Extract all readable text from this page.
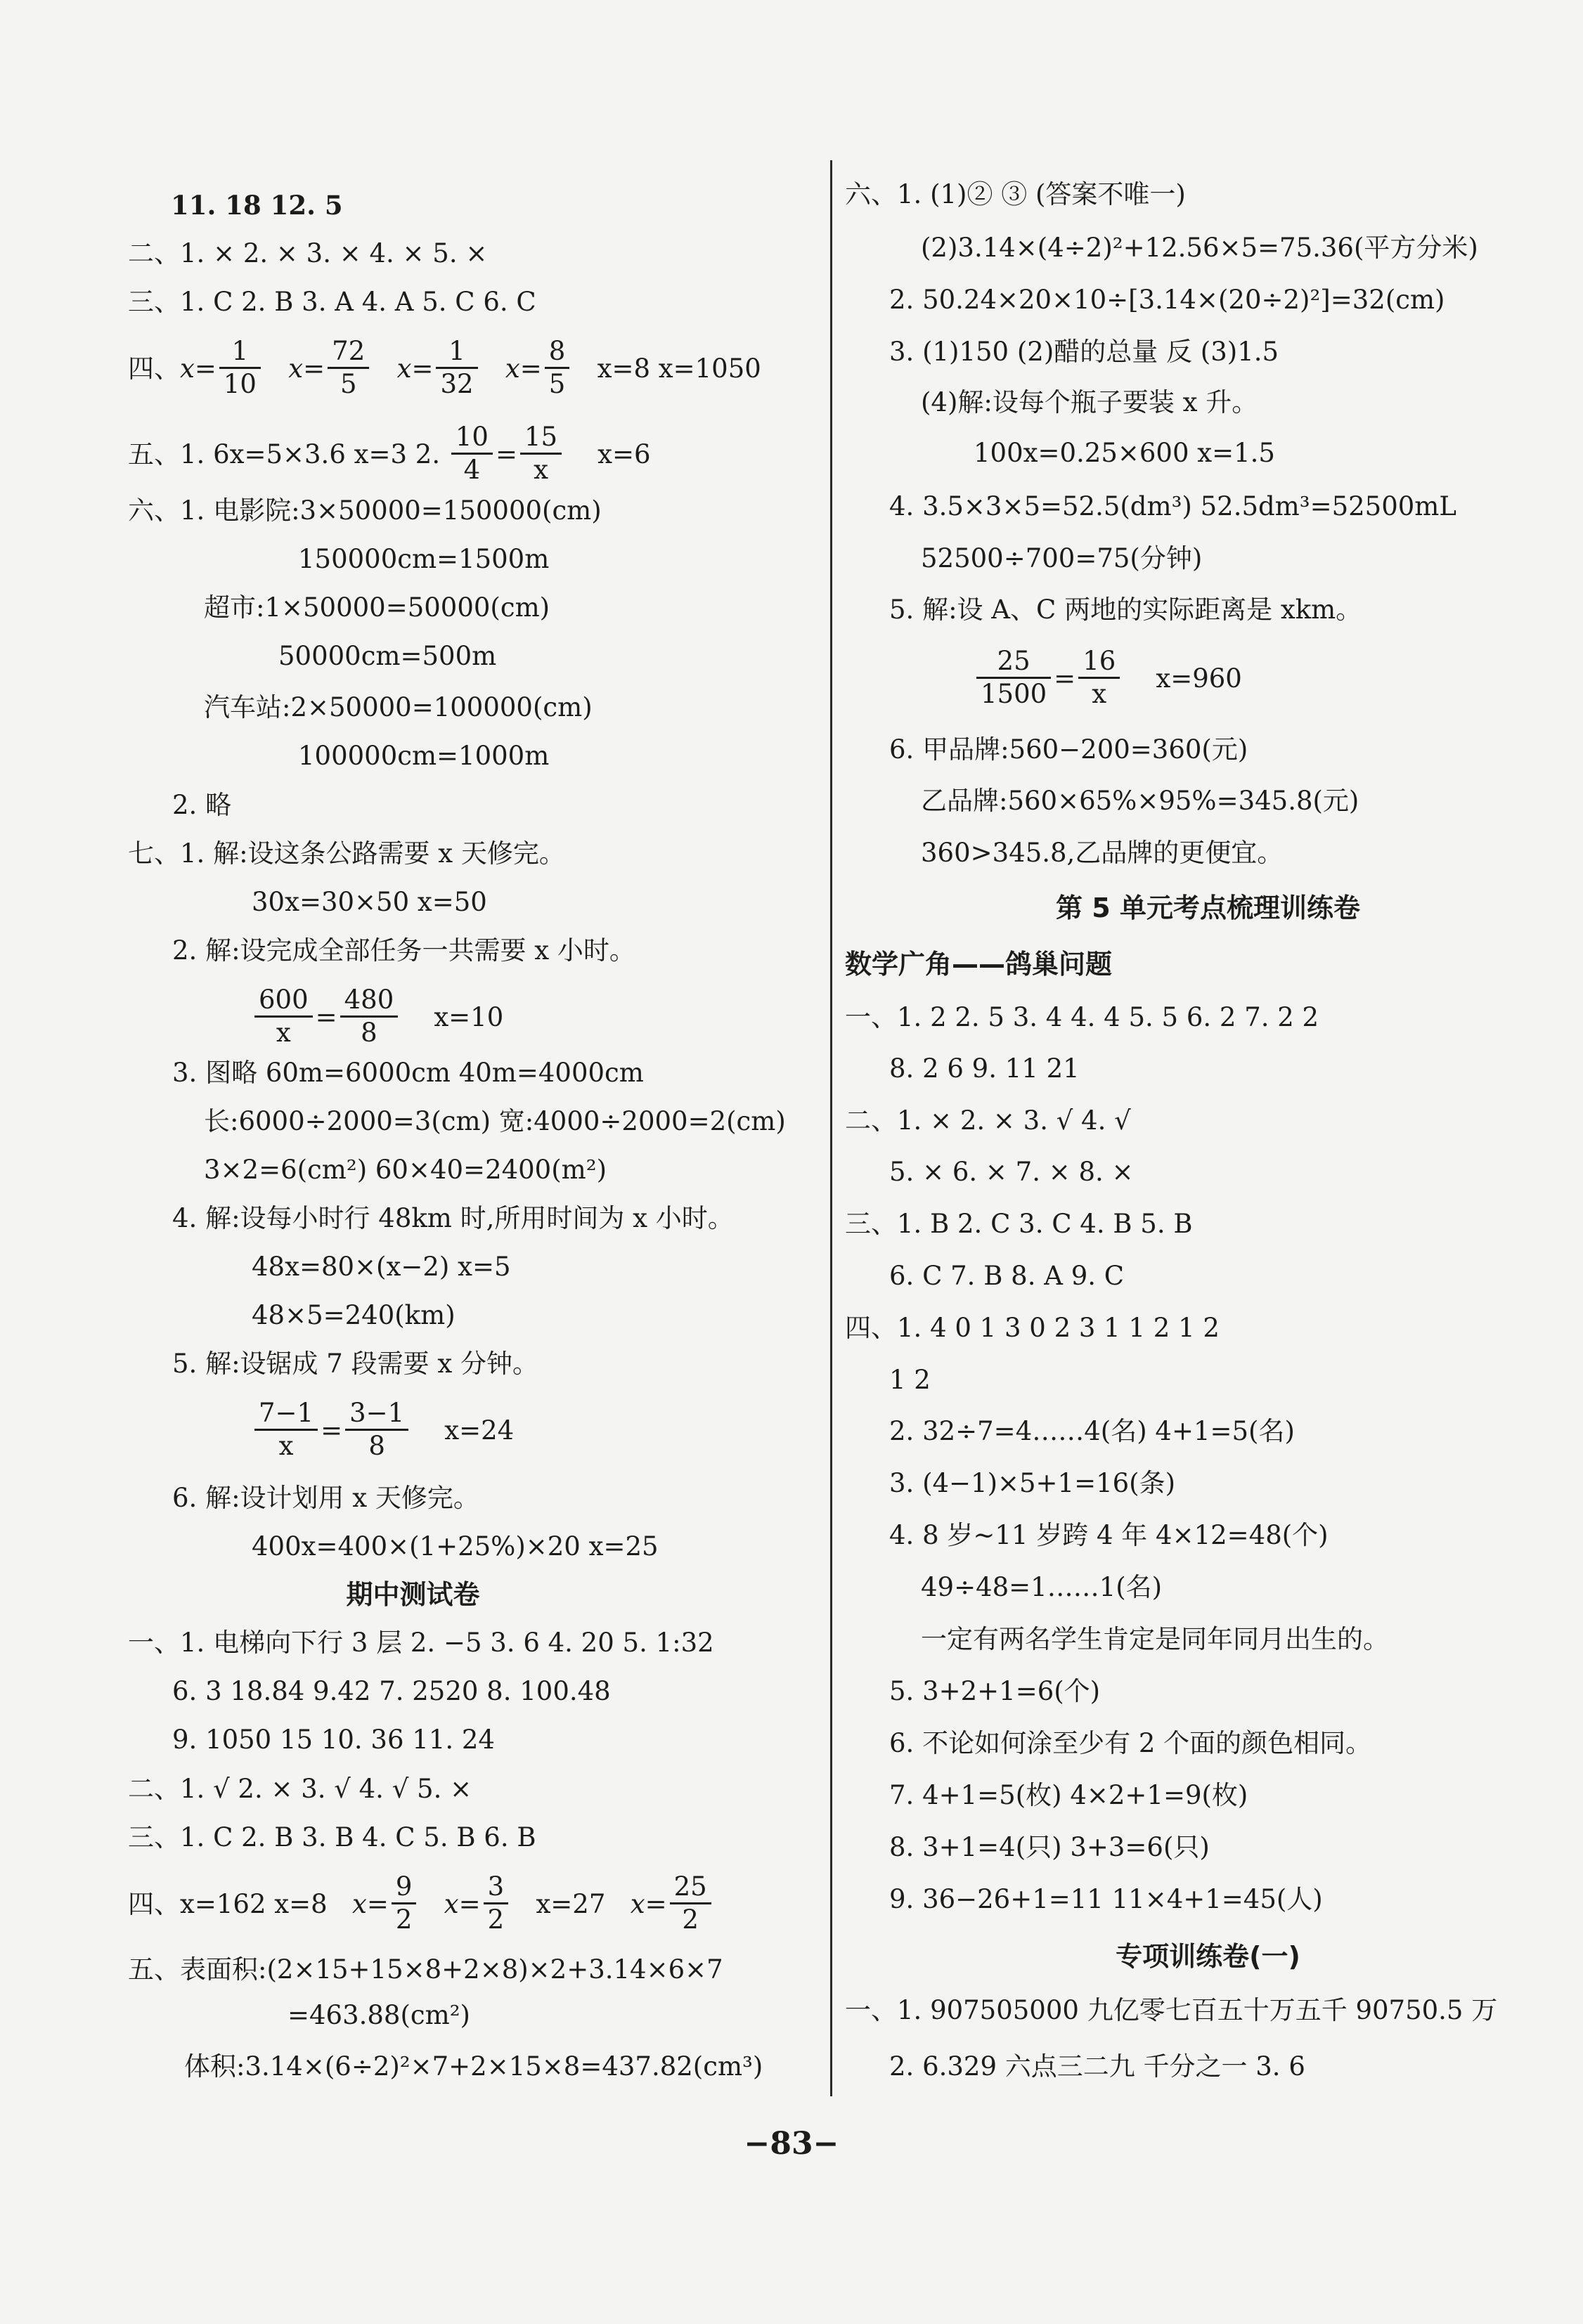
11. 18 12. 5
二、1. × 2. × 3. × 4. × 5. ×
三、1. C 2. B 3. A 4. A 5. C 6. C
四、$x= \frac{1}{10} x= \frac{72}{5} x= \frac{1}{32} x= \frac{8}{5} x=8$ x=1050
五、1. 6x=5×3.6 x=3 2. $\frac{10}{4} = \frac{15}{x} x=6$
六、1. 电影院:3×50000=150000(cm)
150000cm=1500m
超市:1×50000=50000(cm)
50000cm=500m
汽车站:2×50000=100000(cm)
100000cm=1000m
2. 略
七、1. 解:设这条公路需要 x 天修完。
30x=30×50 x=50
2. 解:设完成全部任务一共需要 x 小时。
$\frac{600}{x} = \frac{480}{8} x=10$
3. 图略 60m=6000cm 40m=4000cm
长:6000÷2000=3(cm) 宽:4000÷2000=2(cm)
3×2=6(cm²) 60×40=2400(m²)
4. 解:设每小时行 48km 时,所用时间为 x 小时。
48x=80×(x−2) x=5
48×5=240(km)
5. 解:设锯成 7 段需要 x 分钟。
$\frac{7-1}{x} = \frac{3-1}{8} x=24$
6. 解:设计划用 x 天修完。
400x=400×(1+25%)×20 x=25
期中测试卷
一、1. 电梯向下行 3 层 2. −5 3. 6 4. 20 5. 1:32
6. 3 18.84 9.42 7. 2520 8. 100.48
9. 1050 15 10. 36 11. 24
二、1. √ 2. × 3. √ 4. √ 5. ×
三、1. C 2. B 3. B 4. C 5. B 6. B
四、x=162 x=8 $x= \frac{9}{2} x= \frac{3}{2} x=27$ $x= \frac{25}{2}$
五、表面积:(2×15+15×8+2×8)×2+3.14×6×7
=463.88(cm²)
体积:3.14×(6÷2)²×7+2×15×8=437.82(cm³)
六、1. (1)② ③ (答案不唯一)
(2)3.14×(4÷2)²+12.56×5=75.36(平方分米)
2. 50.24×20×10÷[3.14×(20÷2)²]=32(cm)
3. (1)150 (2)醋的总量 反 (3)1.5
(4)解:设每个瓶子要装 x 升。
100x=0.25×600 x=1.5
4. 3.5×3×5=52.5(dm³) 52.5dm³=52500mL
52500÷700=75(分钟)
5. 解:设 A、C 两地的实际距离是 xkm。
$\frac{25}{1500} = \frac{16}{x} x=960$
6. 甲品牌:560−200=360(元)
乙品牌:560×65%×95%=345.8(元)
360>345.8,乙品牌的更便宜。
第 5 单元考点梳理训练卷
数学广角——鸽巢问题
一、1. 2 2. 5 3. 4 4. 4 5. 5 6. 2 7. 2 2
8. 2 6 9. 11 21
二、1. × 2. × 3. √ 4. √
5. × 6. × 7. × 8. ×
三、1. B 2. C 3. C 4. B 5. B
6. C 7. B 8. A 9. C
四、1. 4 0 1 3 0 2 3 1 1 2 1 2
1 2
2. 32÷7=4……4(名) 4+1=5(名)
3. (4−1)×5+1=16(条)
4. 8 岁~11 岁跨 4 年 4×12=48(个)
49÷48=1……1(名)
一定有两名学生肯定是同年同月出生的。
5. 3+2+1=6(个)
6. 不论如何涂至少有 2 个面的颜色相同。
7. 4+1=5(枚) 4×2+1=9(枚)
8. 3+1=4(只) 3+3=6(只)
9. 36−26+1=11 11×4+1=45(人)
专项训练卷(一)
一、1. 907505000 九亿零七百五十万五千 90750.5 万
2. 6.329 六点三二九 千分之一 3. 6
−83−
